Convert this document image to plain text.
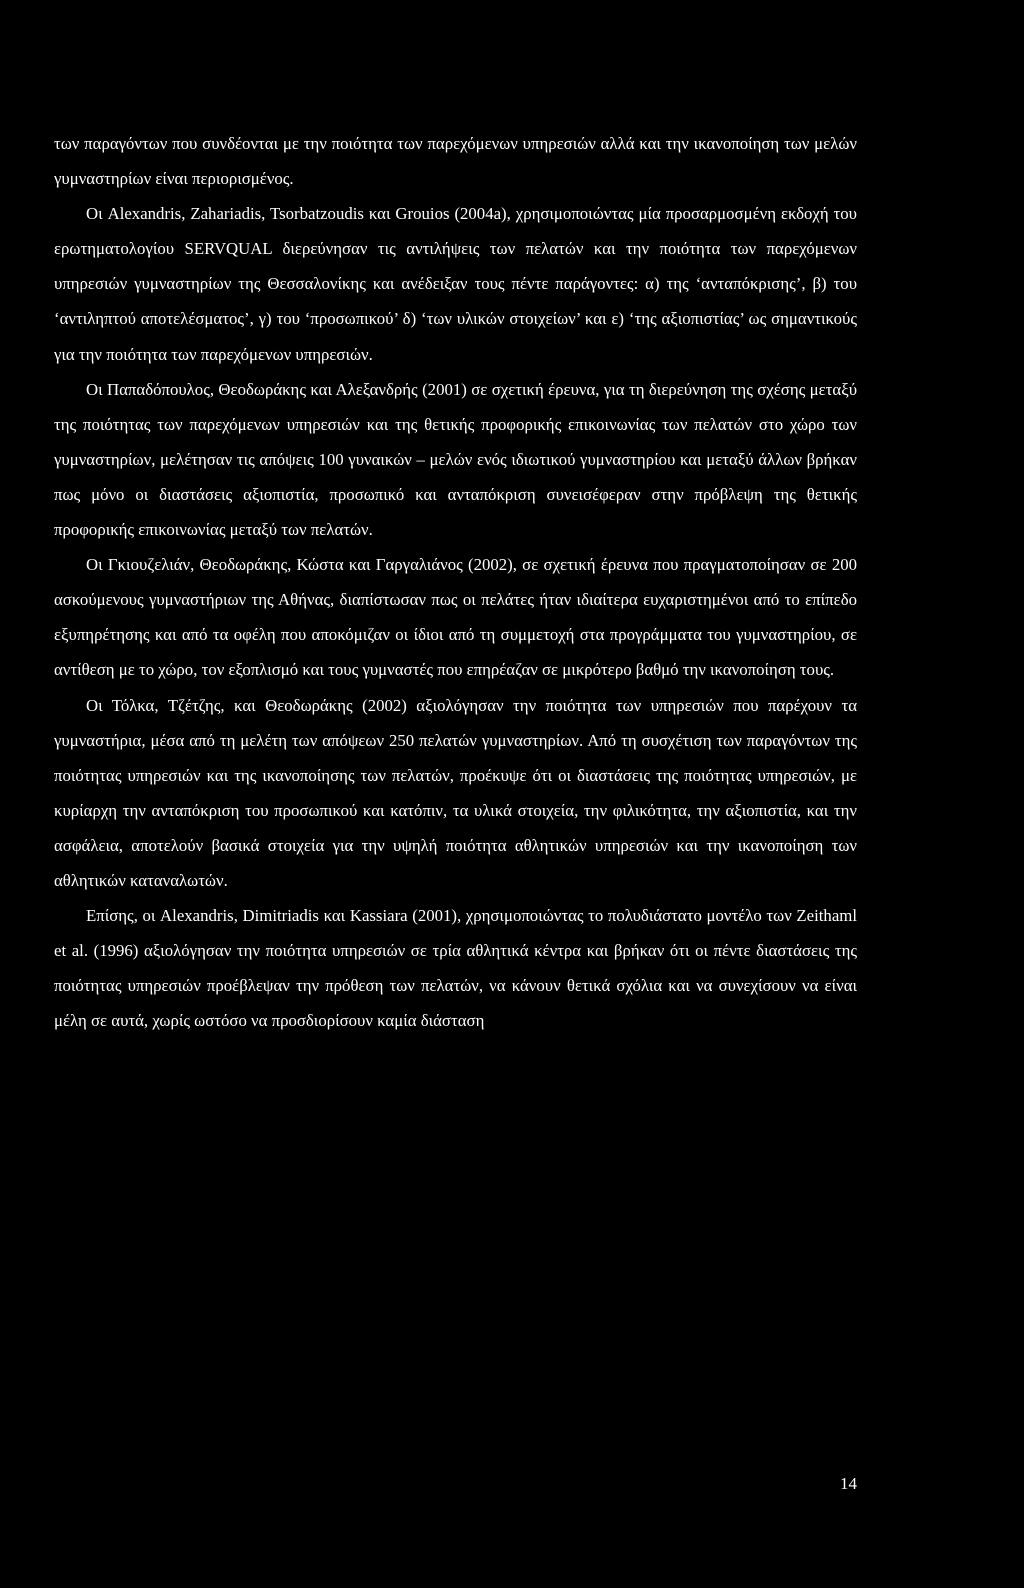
των παραγόντων που συνδέονται με την ποιότητα των παρεχόμενων υπηρεσιών αλλά και την ικανοποίηση των μελών γυμναστηρίων είναι περιορισμένος.

Οι Alexandris, Zahariadis, Tsorbatzoudis και Grouios (2004a), χρησιμοποιώντας μία προσαρμοσμένη εκδοχή του ερωτηματολογίου SERVQUAL διερεύνησαν τις αντιλήψεις των πελατών και την ποιότητα των παρεχόμενων υπηρεσιών γυμναστηρίων της Θεσσαλονίκης και ανέδειξαν τους πέντε παράγοντες: α) της ‘ανταπόκρισης’, β) του ‘αντιληπτού αποτελέσματος’, γ) του ‘προσωπικού’ δ) ‘των υλικών στοιχείων’ και ε) ‘της αξιοπιστίας’ ως σημαντικούς για την ποιότητα των παρεχόμενων υπηρεσιών.

Οι Παπαδόπουλος, Θεοδωράκης και Αλεξανδρής (2001) σε σχετική έρευνα, για τη διερεύνηση της σχέσης μεταξύ της ποιότητας των παρεχόμενων υπηρεσιών και της θετικής προφορικής επικοινωνίας των πελατών στο χώρο των γυμναστηρίων, μελέτησαν τις απόψεις 100 γυναικών – μελών ενός ιδιωτικού γυμναστηρίου και μεταξύ άλλων βρήκαν πως μόνο οι διαστάσεις αξιοπιστία, προσωπικό και ανταπόκριση συνεισέφεραν στην πρόβλεψη της θετικής προφορικής επικοινωνίας μεταξύ των πελατών.

Οι Γκιουζελιάν, Θεοδωράκης, Κώστα και Γαργαλιάνος (2002), σε σχετική έρευνα που πραγματοποίησαν σε 200 ασκούμενους γυμναστήριων της Αθήνας, διαπίστωσαν πως οι πελάτες ήταν ιδιαίτερα ευχαριστημένοι από το επίπεδο εξυπηρέτησης και από τα οφέλη που αποκόμιζαν οι ίδιοι από τη συμμετοχή στα προγράμματα του γυμναστηρίου, σε αντίθεση με το χώρο, τον εξοπλισμό και τους γυμναστές που επηρέαζαν σε μικρότερο βαθμό την ικανοποίηση τους.

Οι Τόλκα, Τζέτζης, και Θεοδωράκης (2002) αξιολόγησαν την ποιότητα των υπηρεσιών που παρέχουν τα γυμναστήρια, μέσα από τη μελέτη των απόψεων 250 πελατών γυμναστηρίων. Από τη συσχέτιση των παραγόντων της ποιότητας υπηρεσιών και της ικανοποίησης των πελατών, προέκυψε ότι οι διαστάσεις της ποιότητας υπηρεσιών, με κυρίαρχη την ανταπόκριση του προσωπικού και κατόπιν, τα υλικά στοιχεία, την φιλικότητα, την αξιοπιστία, και την ασφάλεια, αποτελούν βασικά στοιχεία για την υψηλή ποιότητα αθλητικών υπηρεσιών και την ικανοποίηση των αθλητικών καταναλωτών.

Επίσης, οι Alexandris, Dimitriadis και Kassiara (2001), χρησιμοποιώντας το πολυδιάστατο μοντέλο των Zeithaml et al. (1996) αξιολόγησαν την ποιότητα υπηρεσιών σε τρία αθλητικά κέντρα και βρήκαν ότι οι πέντε διαστάσεις της ποιότητας υπηρεσιών προέβλεψαν την πρόθεση των πελατών, να κάνουν θετικά σχόλια και να συνεχίσουν να είναι μέλη σε αυτά, χωρίς ωστόσο να προσδιορίσουν καμία διάσταση

14
